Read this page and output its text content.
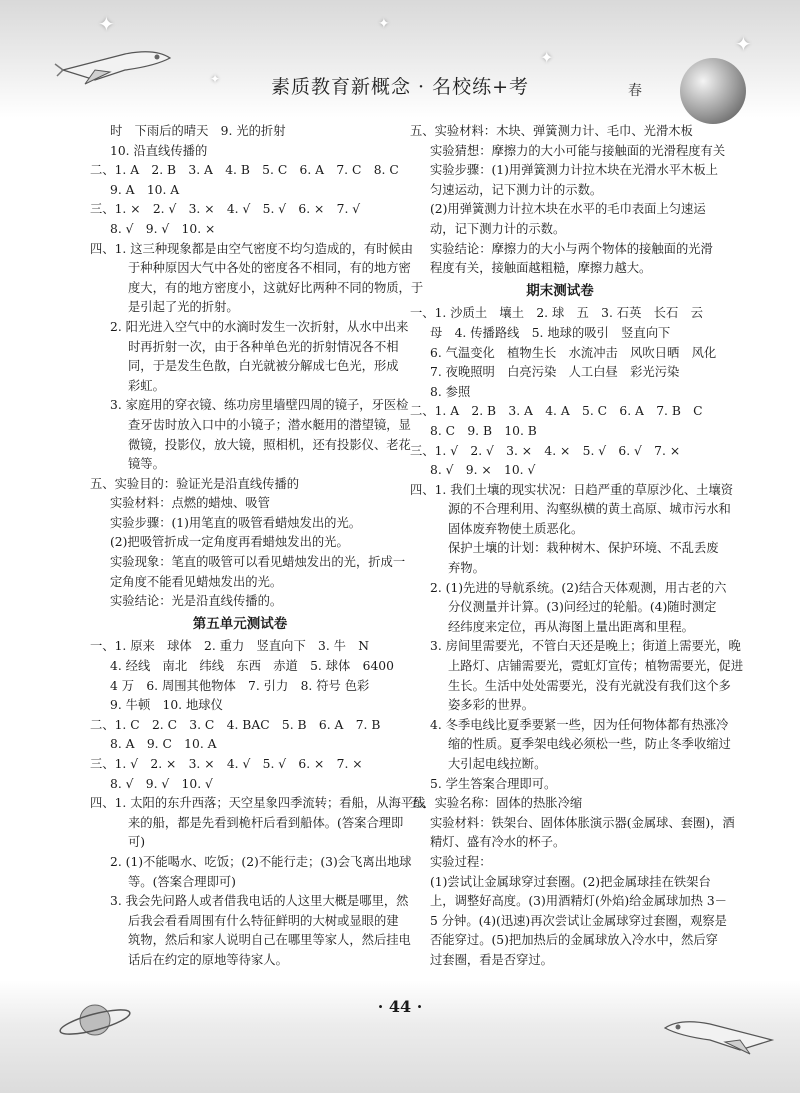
✦	✦
✦
✦
✦	素质教育新概念 · 名校练+考	春
时　下雨后的晴天　9. 光的折射
10. 沿直线传播的
二、1. A　2. B　3. A　4. B　5. C　6. A　7. C　8. C
9. A　10. A
三、1. ×　2. √　3. ×　4. √　5. √　6. ×　7. √
8. √　9. √　10. ×
四、1. 这三种现象都是由空气密度不均匀造成的，有时候由
于种种原因大气中各处的密度各不相同，有的地方密
度大，有的地方密度小，这就好比两种不同的物质，于
是引起了光的折射。
2. 阳光进入空气中的水滴时发生一次折射，从水中出来
时再折射一次，由于各种单色光的折射情况各不相
同，于是发生色散，白光就被分解成七色光，形成
彩虹。
3. 家庭用的穿衣镜、练功房里墙壁四周的镜子，牙医检
查牙齿时放入口中的小镜子；潜水艇用的潜望镜，显
微镜，投影仪，放大镜，照相机，还有投影仪、老花
镜等。
五、实验目的：验证光是沿直线传播的
实验材料：点燃的蜡烛、吸管
实验步骤：(1)用笔直的吸管看蜡烛发出的光。
(2)把吸管折成一定角度再看蜡烛发出的光。
实验现象：笔直的吸管可以看见蜡烛发出的光，折成一
定角度不能看见蜡烛发出的光。
实验结论：光是沿直线传播的。
第五单元测试卷
一、1. 原来　球体　2. 重力　竖直向下　3. 牛　N
4. 经线　南北　纬线　东西　赤道　5. 球体　6400
4 万　6. 周围其他物体　7. 引力　8. 符号 色彩
9. 牛顿　10. 地球仪
二、1. C　2. C　3. C　4. BAC　5. B　6. A　7. B
8. A　9. C　10. A
三、1. √　2. ×　3. ×　4. √　5. √　6. ×　7. ×
8. √　9. √　10. √
四、1. 太阳的东升西落；天空星象四季流转；看船，从海平线
来的船，都是先看到桅杆后看到船体。(答案合理即
可)
2. (1)不能喝水、吃饭；(2)不能行走；(3)会飞离出地球
等。(答案合理即可)
3. 我会先问路人或者借我电话的人这里大概是哪里，然
后我会看看周围有什么特征鲜明的大树或显眼的建
筑物，然后和家人说明自己在哪里等家人，然后挂电
话后在约定的原地等待家人。
五、实验材料：木块、弹簧测力计、毛巾、光滑木板
实验猜想：摩擦力的大小可能与接触面的光滑程度有关
实验步骤：(1)用弹簧测力计拉木块在光滑水平木板上
匀速运动，记下测力计的示数。
(2)用弹簧测力计拉木块在水平的毛巾表面上匀速运
动，记下测力计的示数。
实验结论：摩擦力的大小与两个物体的接触面的光滑
程度有关，接触面越粗糙，摩擦力越大。
期末测试卷
一、1. 沙质土　壤土　2. 球　五　3. 石英　长石　云
母　4. 传播路线　5. 地球的吸引　竖直向下
6. 气温变化　植物生长　水流冲击　风吹日晒　风化
7. 夜晚照明　白亮污染　人工白昼　彩光污染
8. 参照
二、1. A　2. B　3. A　4. A　5. C　6. A　7. B　C
8. C　9. B　10. B
三、1. √　2. √　3. ×　4. ×　5. √　6. √　7. ×
8. √　9. ×　10. √
四、1. 我们土壤的现实状况：日趋严重的草原沙化、土壤资
源的不合理利用、沟壑纵横的黄土高原、城市污水和
固体废弃物使土质恶化。
保护土壤的计划：栽种树木、保护环境、不乱丢废
弃物。
2. (1)先进的导航系统。(2)结合天体观测，用古老的六
分仪测量并计算。(3)问经过的轮船。(4)随时测定
经纬度来定位，再从海图上量出距离和里程。
3. 房间里需要光，不管白天还是晚上；街道上需要光，晚
上路灯、店铺需要光，霓虹灯宣传；植物需要光，促进
生长。生活中处处需要光，没有光就没有我们这个多
姿多彩的世界。
4. 冬季电线比夏季要紧一些，因为任何物体都有热涨冷
缩的性质。夏季架电线必须松一些，防止冬季收缩过
大引起电线拉断。
5. 学生答案合理即可。
五、实验名称：固体的热胀冷缩
实验材料：铁架台、固体体胀演示器(金属球、套圈)，酒
精灯、盛有冷水的杯子。
实验过程：
(1)尝试让金属球穿过套圈。(2)把金属球挂在铁架台
上，调整好高度。(3)用酒精灯(外焰)给金属球加热 3－
5 分钟。(4)(迅速)再次尝试让金属球穿过套圈，观察是
否能穿过。(5)把加热后的金属球放入冷水中，然后穿
过套圈，看是否穿过。
· 44 ·
